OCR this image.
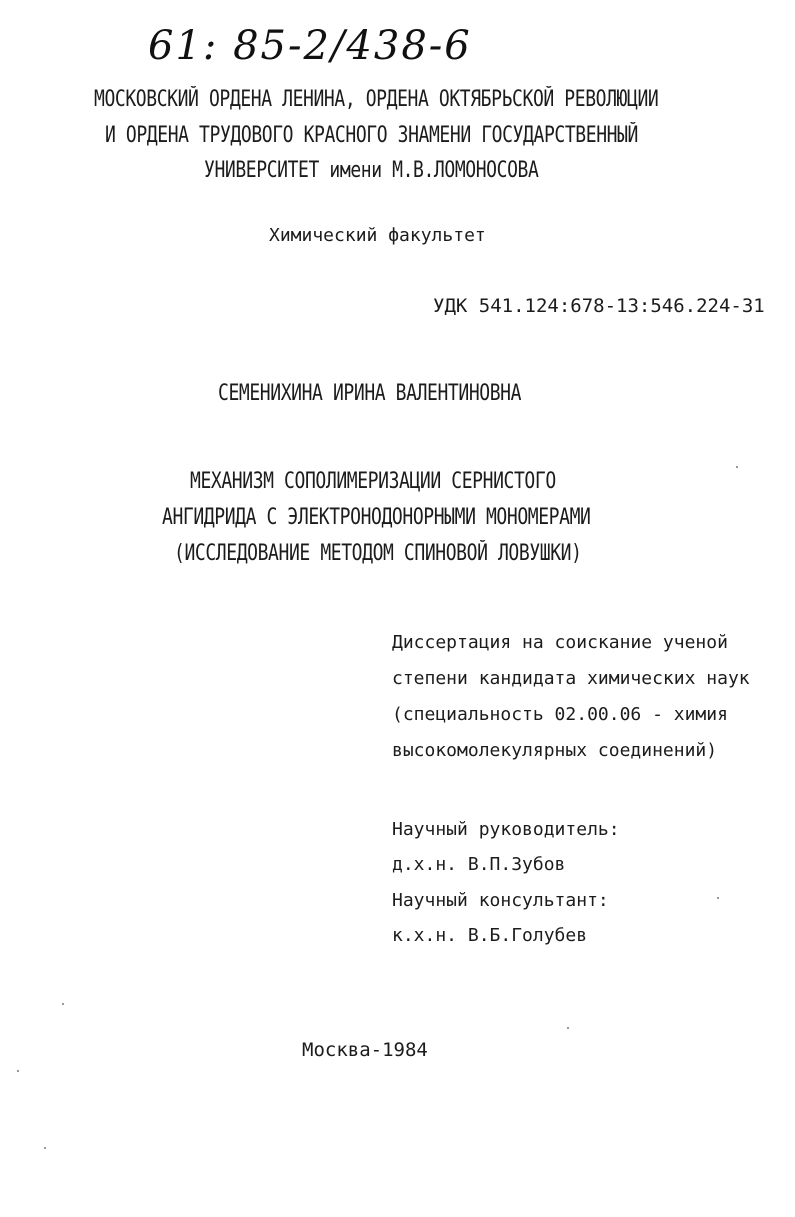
61: 85-2/438-6
МОСКОВСКИЙ ОРДЕНА ЛЕНИНА, ОРДЕНА ОКТЯБРЬСКОЙ РЕВОЛЮЦИИ
И ОРДЕНА ТРУДОВОГО КРАСНОГО ЗНАМЕНИ ГОСУДАРСТВЕННЫЙ
УНИВЕРСИТЕТ имени М.В.ЛОМОНОСОВА
Химический факультет
УДК 541.124:678-13:546.224-31
СЕМЕНИХИНА ИРИНА ВАЛЕНТИНОВНА
МЕХАНИЗМ СОПОЛИМЕРИЗАЦИИ СЕРНИСТОГО
АНГИДРИДА С ЭЛЕКТРОНОДОНОРНЫМИ МОНОМЕРАМИ
(ИССЛЕДОВАНИЕ МЕТОДОМ СПИНОВОЙ ЛОВУШКИ)
Диссертация на соискание ученой
степени кандидата химических наук
(специальность 02.00.06 - химия
высокомолекулярных соединений)
Научный руководитель:
д.х.н. В.П.Зубов
Научный консультант:
к.х.н. В.Б.Голубев
Москва-1984
